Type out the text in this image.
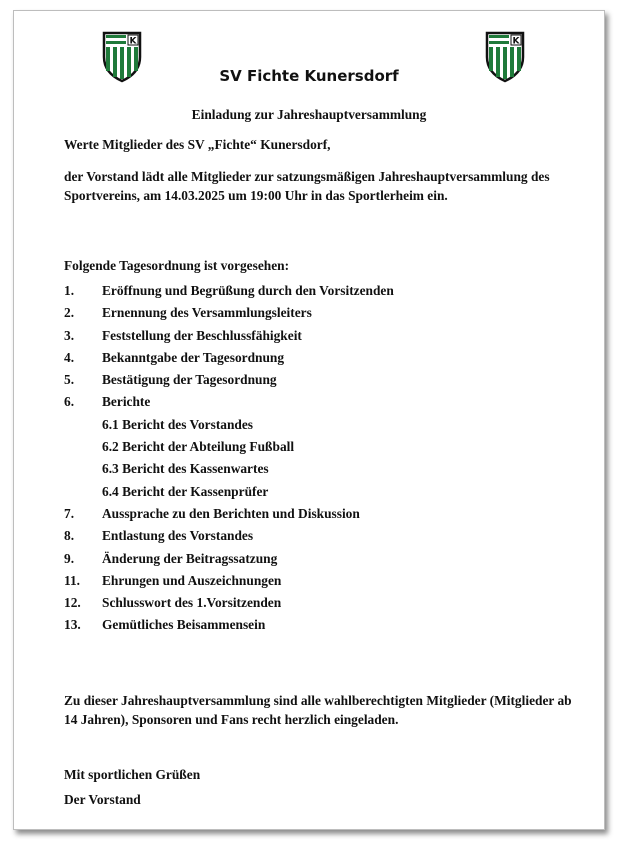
K	K
SV Fichte Kunersdorf
Einladung zur Jahreshauptversammlung
Werte Mitglieder des SV „Fichte“ Kunersdorf,
der Vorstand lädt alle Mitglieder zur satzungsmäßigen Jahreshauptversammlung des Sportvereins, am 14.03.2025 um 19:00 Uhr in das Sportlerheim ein.
Folgende Tagesordnung ist vorgesehen:
1. Eröffnung und Begrüßung durch den Vorsitzenden
2. Ernennung des Versammlungsleiters
3. Feststellung der Beschlussfähigkeit
4. Bekanntgabe der Tagesordnung
5. Bestätigung der Tagesordnung
6. Berichte
6.1 Bericht des Vorstandes
6.2 Bericht der Abteilung Fußball
6.3 Bericht des Kassenwartes
6.4 Bericht der Kassenprüfer
7. Aussprache zu den Berichten und Diskussion
8. Entlastung des Vorstandes
9. Änderung der Beitragssatzung
11. Ehrungen und Auszeichnungen
12. Schlusswort des 1.Vorsitzenden
13. Gemütliches Beisammensein
Zu dieser Jahreshauptversammlung sind alle wahlberechtigten Mitglieder (Mitglieder ab 14 Jahren), Sponsoren und Fans recht herzlich eingeladen.
Mit sportlichen Grüßen
Der Vorstand
